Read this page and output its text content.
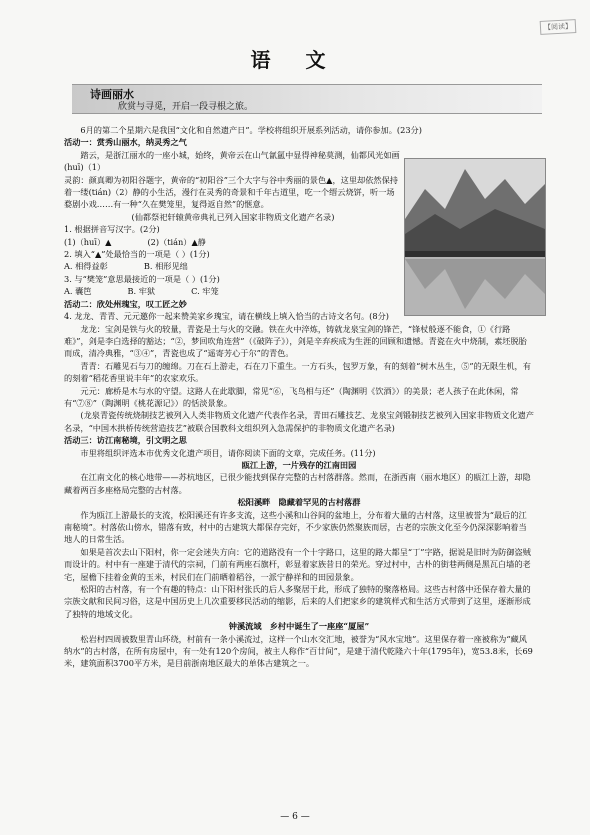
【阅读】
语 文
诗画丽水
欣赏与寻觅，开启一段寻根之旅。

6月的第二个星期六是我国“文化和自然遗产日”。学校将组织开展系列活动，请你参加。(23分)

活动一：赏秀山丽水，纳灵秀之气

踏云，是浙江丽水的一座小城，始终，黄帝云在山气氤氲中显得神秘莫测，仙都风光如画(huī)（1）

灵韵：颜真卿为初阳谷题字，黄帝的“初阳谷”三个大字与谷中秀丽的景色▲，这里却依然保持着一缕(tián)（2）静的小生活，漫行在灵秀的奇景和千年古道里，吃一个缙云烧饼，听一场婺剧小戏……有一种“久在樊笼里，复得返自然”的惬意。

(仙都祭祀轩辕黄帝典礼已列入国家非物质文化遗产名录)

1. 根据拼音写汉字。(2分)

(1)（huī）▲	(2)（tián）▲静

2. 填入“▲”处最恰当的一项是（ ）(1分)

A. 相得益彰	B. 相形见绌

3. 与“樊笼”意思最接近的一项是（ ）(1分)

A. 囊笆	B. 牢狱	C. 牢笼

活动二：欣处州瑰宝，叹工匠之妙

4. 龙龙、青青、元元邀你一起来赞美家乡瑰宝，请在横线上填入恰当的古诗文名句。(8分)

龙龙：宝剑是铁与火的较量，青瓷是土与火的交融。铁在火中淬炼，铸就龙泉宝剑的锋芒，“锋杖般逐不能食，①《行路难》”，剑是李白选择的豁达；“②，梦回吹角连营”（《破阵子》），剑是辛弃疾成为生涯的回顾和遗憾。青瓷在火中烧制，素坯脱胎而成，清冷典雅，“③④”，青瓷也成了“遥寄芳心于尔”的青色。

青青：石雕见石与刀的缠绵。刀在石上游走，石在刀下重生。一方石头，包罗万象，有的刻着“树木丛生，⑤”的无限生机，有的刻着“稻花香里说丰年”的农家欢乐。

元元：廊桥是木与水的守望。这路人在此歇脚，常见“⑥，飞鸟相与还”（陶渊明《饮酒》）的美景；老人孩子在此休闲，常有“⑦⑧”（陶渊明《桃花源记》）的恬淡景象。

(龙泉青瓷传统烧制技艺被列入人类非物质文化遗产代表作名录，青田石雕技艺、龙泉宝剑锻制技艺被列入国家非物质文化遗产名录，“中国木拱桥传统营造技艺”被联合国教科文组织列入急需保护的非物质文化遗产名录)

活动三：访江南秘境，引文明之思

市里将组织评选本市优秀文化遗产项目，请你阅读下面的文章，完成任务。(11分)

瓯江上游，一片残存的江南田园

在江南文化的核心地带——苏杭地区，已很少能找到保存完整的古村落群落。然而，在浙西南（丽水地区）的瓯江上游，却隐藏着两百多座格局完整的古村落。

松阳溪畔　隐藏着罕见的古村落群

作为瓯江上游最长的支流，松阳溪还有许多支流，这些小溪和山谷间的盆地上，分布着大量的古村落，这里被誉为“最后的江南秘境”。村落依山傍水，错落有致，村中的古建筑大都保存完好，不少家族仍然聚族而居，古老的宗族文化至今仍深深影响着当地人的日常生活。

如果是首次去山下阳村，你一定会迷失方向：它的道路没有一个十字路口，这里的路大都呈“丁”字路，据说是旧时为防御盗贼而设计的。村中有一座建于清代的宗祠，门前有两座石旗杆，彰显着家族昔日的荣光。穿过村中，古朴的街巷两侧是黑瓦白墙的老宅，屋檐下挂着金黄的玉米，村民们在门前晒着稻谷，一派宁静祥和的田园景象。

松阳的古村落，有一个有趣的特点：山下阳村张氏的后人多聚居于此，形成了独特的聚落格局。这些古村落中还保存着大量的宗族文献和民间习俗，这是中国历史上几次重要移民活动的缩影，后来的人们把家乡的建筑样式和生活方式带到了这里，逐渐形成了独特的地域文化。

钟溪流域　乡村中诞生了一座座“厦屋”

松岩村四周被数里青山环绕，村前有一条小溪流过，这样一个山水交汇地，被誉为“风水宝地”。这里保存着一座被称为“藏风纳水”的古村落，在所有房屋中，有一处有120个房间，被主人称作“百廿间”，是建于清代乾隆六十年(1795年)，宽53.8米，长69米，建筑面积3700平方米，是目前浙南地区最大的单体古建筑之一。

— 6 —
